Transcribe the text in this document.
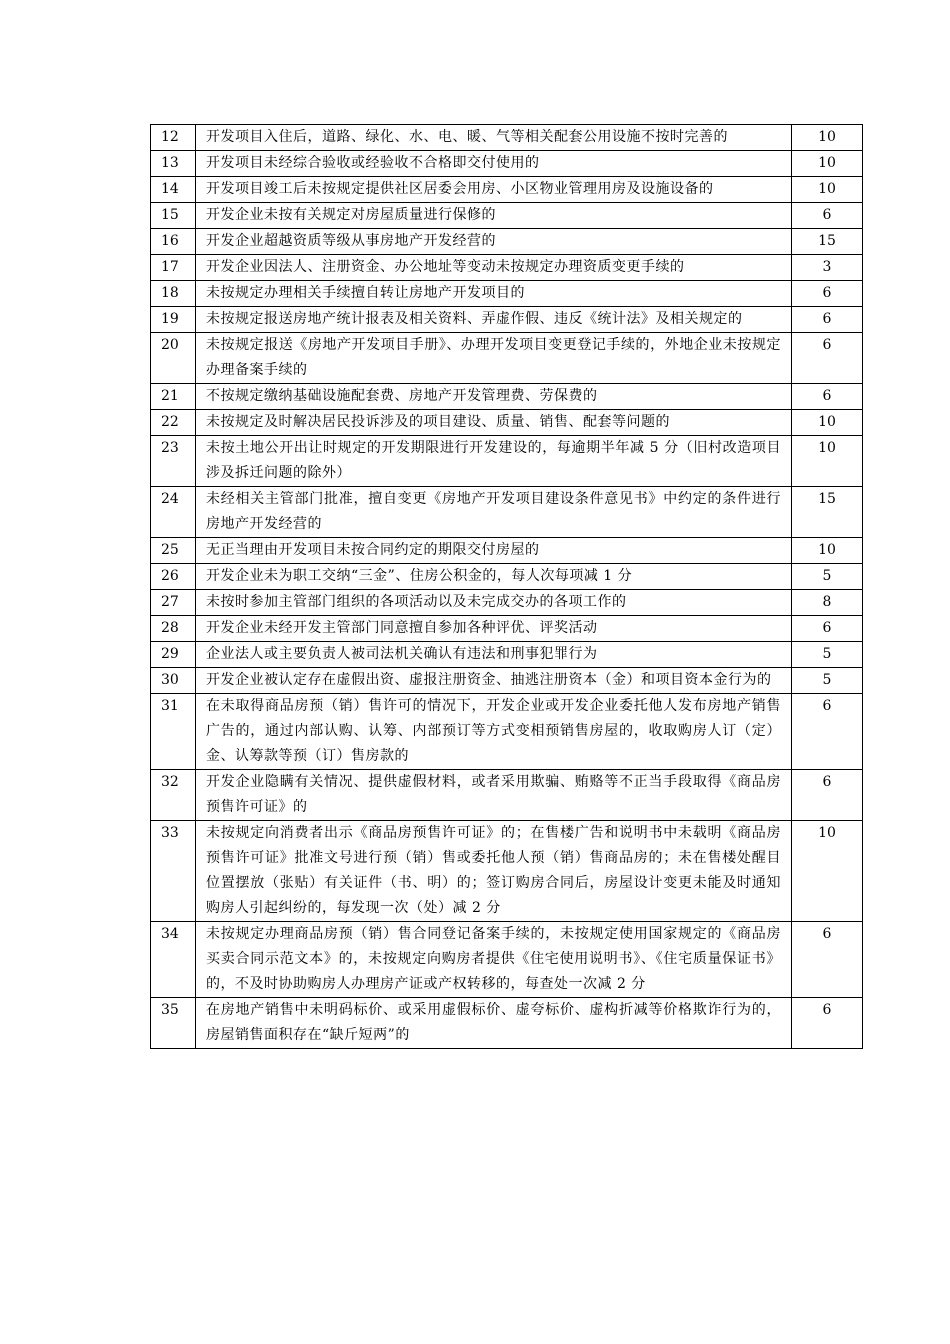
12	开发项目入住后，道路、绿化、水、电、暖、气等相关配套公用设施不按时完善的	10
13	开发项目未经综合验收或经验收不合格即交付使用的	10
14	开发项目竣工后未按规定提供社区居委会用房、小区物业管理用房及设施设备的	10
15	开发企业未按有关规定对房屋质量进行保修的	6
16	开发企业超越资质等级从事房地产开发经营的	15
17	开发企业因法人、注册资金、办公地址等变动未按规定办理资质变更手续的	3
18	未按规定办理相关手续擅自转让房地产开发项目的	6
19	未按规定报送房地产统计报表及相关资料、弄虚作假、违反《统计法》及相关规定的	6
20	未按规定报送《房地产开发项目手册》、办理开发项目变更登记手续的，外地企业未按规定办理备案手续的	6
21	不按规定缴纳基础设施配套费、房地产开发管理费、劳保费的	6
22	未按规定及时解决居民投诉涉及的项目建设、质量、销售、配套等问题的	10
23	未按土地公开出让时规定的开发期限进行开发建设的，每逾期半年减 5 分（旧村改造项目涉及拆迁问题的除外）	10
24	未经相关主管部门批准，擅自变更《房地产开发项目建设条件意见书》中约定的条件进行房地产开发经营的	15
25	无正当理由开发项目未按合同约定的期限交付房屋的	10
26	开发企业未为职工交纳“三金”、住房公积金的，每人次每项减 1 分	5
27	未按时参加主管部门组织的各项活动以及未完成交办的各项工作的	8
28	开发企业未经开发主管部门同意擅自参加各种评优、评奖活动	6
29	企业法人或主要负责人被司法机关确认有违法和刑事犯罪行为	5
30	开发企业被认定存在虚假出资、虚报注册资金、抽逃注册资本（金）和项目资本金行为的	5
31	在未取得商品房预（销）售许可的情况下，开发企业或开发企业委托他人发布房地产销售广告的，通过内部认购、认筹、内部预订等方式变相预销售房屋的，收取购房人订（定）金、认筹款等预（订）售房款的	6
32	开发企业隐瞒有关情况、提供虚假材料，或者采用欺骗、贿赂等不正当手段取得《商品房预售许可证》的	6
33	未按规定向消费者出示《商品房预售许可证》的；在售楼广告和说明书中未载明《商品房预售许可证》批准文号进行预（销）售或委托他人预（销）售商品房的；未在售楼处醒目位置摆放（张贴）有关证件（书、明）的；签订购房合同后，房屋设计变更未能及时通知购房人引起纠纷的，每发现一次（处）减 2 分	10
34	未按规定办理商品房预（销）售合同登记备案手续的，未按规定使用国家规定的《商品房买卖合同示范文本》的，未按规定向购房者提供《住宅使用说明书》、《住宅质量保证书》的，不及时协助购房人办理房产证或产权转移的，每查处一次减 2 分	6
35	在房地产销售中未明码标价、或采用虚假标价、虚夸标价、虚构折减等价格欺诈行为的，房屋销售面积存在“缺斤短两”的	6
